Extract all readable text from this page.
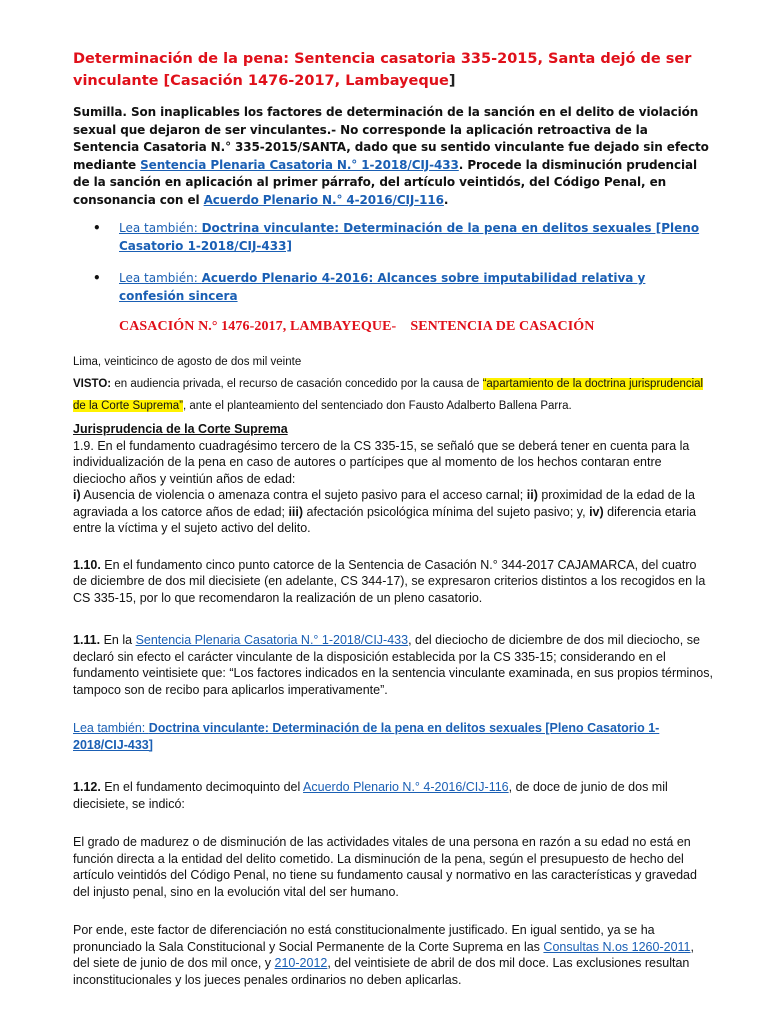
Determinación de la pena: Sentencia casatoria 335-2015, Santa dejó de ser vinculante [Casación 1476-2017, Lambayeque]

Sumilla. Son inaplicables los factores de determinación de la sanción en el delito de violación sexual que dejaron de ser vinculantes.- No corresponde la aplicación retroactiva de la Sentencia Casatoria N.° 335-2015/SANTA, dado que su sentido vinculante fue dejado sin efecto mediante Sentencia Plenaria Casatoria N.° 1-2018/CIJ-433. Procede la disminución prudencial de la sanción en aplicación al primer párrafo, del artículo veintidós, del Código Penal, en consonancia con el Acuerdo Plenario N.° 4-2016/CIJ-116.

• Lea también: Doctrina vinculante: Determinación de la pena en delitos sexuales [Pleno Casatorio 1-2018/CIJ-433]
• Lea también: Acuerdo Plenario 4-2016: Alcances sobre imputabilidad relativa y confesión sincera
CASACIÓN N.° 1476-2017, LAMBAYEQUE- SENTENCIA DE CASACIÓN

Lima, veinticinco de agosto de dos mil veinte

VISTO: en audiencia privada, el recurso de casación concedido por la causa de “apartamiento de la doctrina jurisprudencial de la Corte Suprema”, ante el planteamiento del sentenciado don Fausto Adalberto Ballena Parra.

Jurisprudencia de la Corte Suprema

1.9. En el fundamento cuadragésimo tercero de la CS 335-15, se señaló que se deberá tener en cuenta para la individualización de la pena en caso de autores o partícipes que al momento de los hechos contaran entre dieciocho años y veintiún años de edad:
i) Ausencia de violencia o amenaza contra el sujeto pasivo para el acceso carnal; ii) proximidad de la edad de la agraviada a los catorce años de edad; iii) afectación psicológica mínima del sujeto pasivo; y, iv) diferencia etaria entre la víctima y el sujeto activo del delito.

1.10. En el fundamento cinco punto catorce de la Sentencia de Casación N.° 344-2017 CAJAMARCA, del cuatro de diciembre de dos mil diecisiete (en adelante, CS 344-17), se expresaron criterios distintos a los recogidos en la CS 335-15, por lo que recomendaron la realización de un pleno casatorio.

1.11. En la Sentencia Plenaria Casatoria N.° 1-2018/CIJ-433, del dieciocho de diciembre de dos mil dieciocho, se declaró sin efecto el carácter vinculante de la disposición establecida por la CS 335-15; considerando en el fundamento veintisiete que: “Los factores indicados en la sentencia vinculante examinada, en sus propios términos, tampoco son de recibo para aplicarlos imperativamente”.

Lea también: Doctrina vinculante: Determinación de la pena en delitos sexuales [Pleno Casatorio 1-2018/CIJ-433]

1.12. En el fundamento decimoquinto del Acuerdo Plenario N.° 4-2016/CIJ-116, de doce de junio de dos mil diecisiete, se indicó:

El grado de madurez o de disminución de las actividades vitales de una persona en razón a su edad no está en función directa a la entidad del delito cometido. La disminución de la pena, según el presupuesto de hecho del artículo veintidós del Código Penal, no tiene su fundamento causal y normativo en las características y gravedad del injusto penal, sino en la evolución vital del ser humano.

Por ende, este factor de diferenciación no está constitucionalmente justificado. En igual sentido, ya se ha pronunciado la Sala Constitucional y Social Permanente de la Corte Suprema en las Consultas N.os 1260-2011, del siete de junio de dos mil once, y 210-2012, del veintisiete de abril de dos mil doce. Las exclusiones resultan inconstitucionales y los jueces penales ordinarios no deben aplicarlas.
